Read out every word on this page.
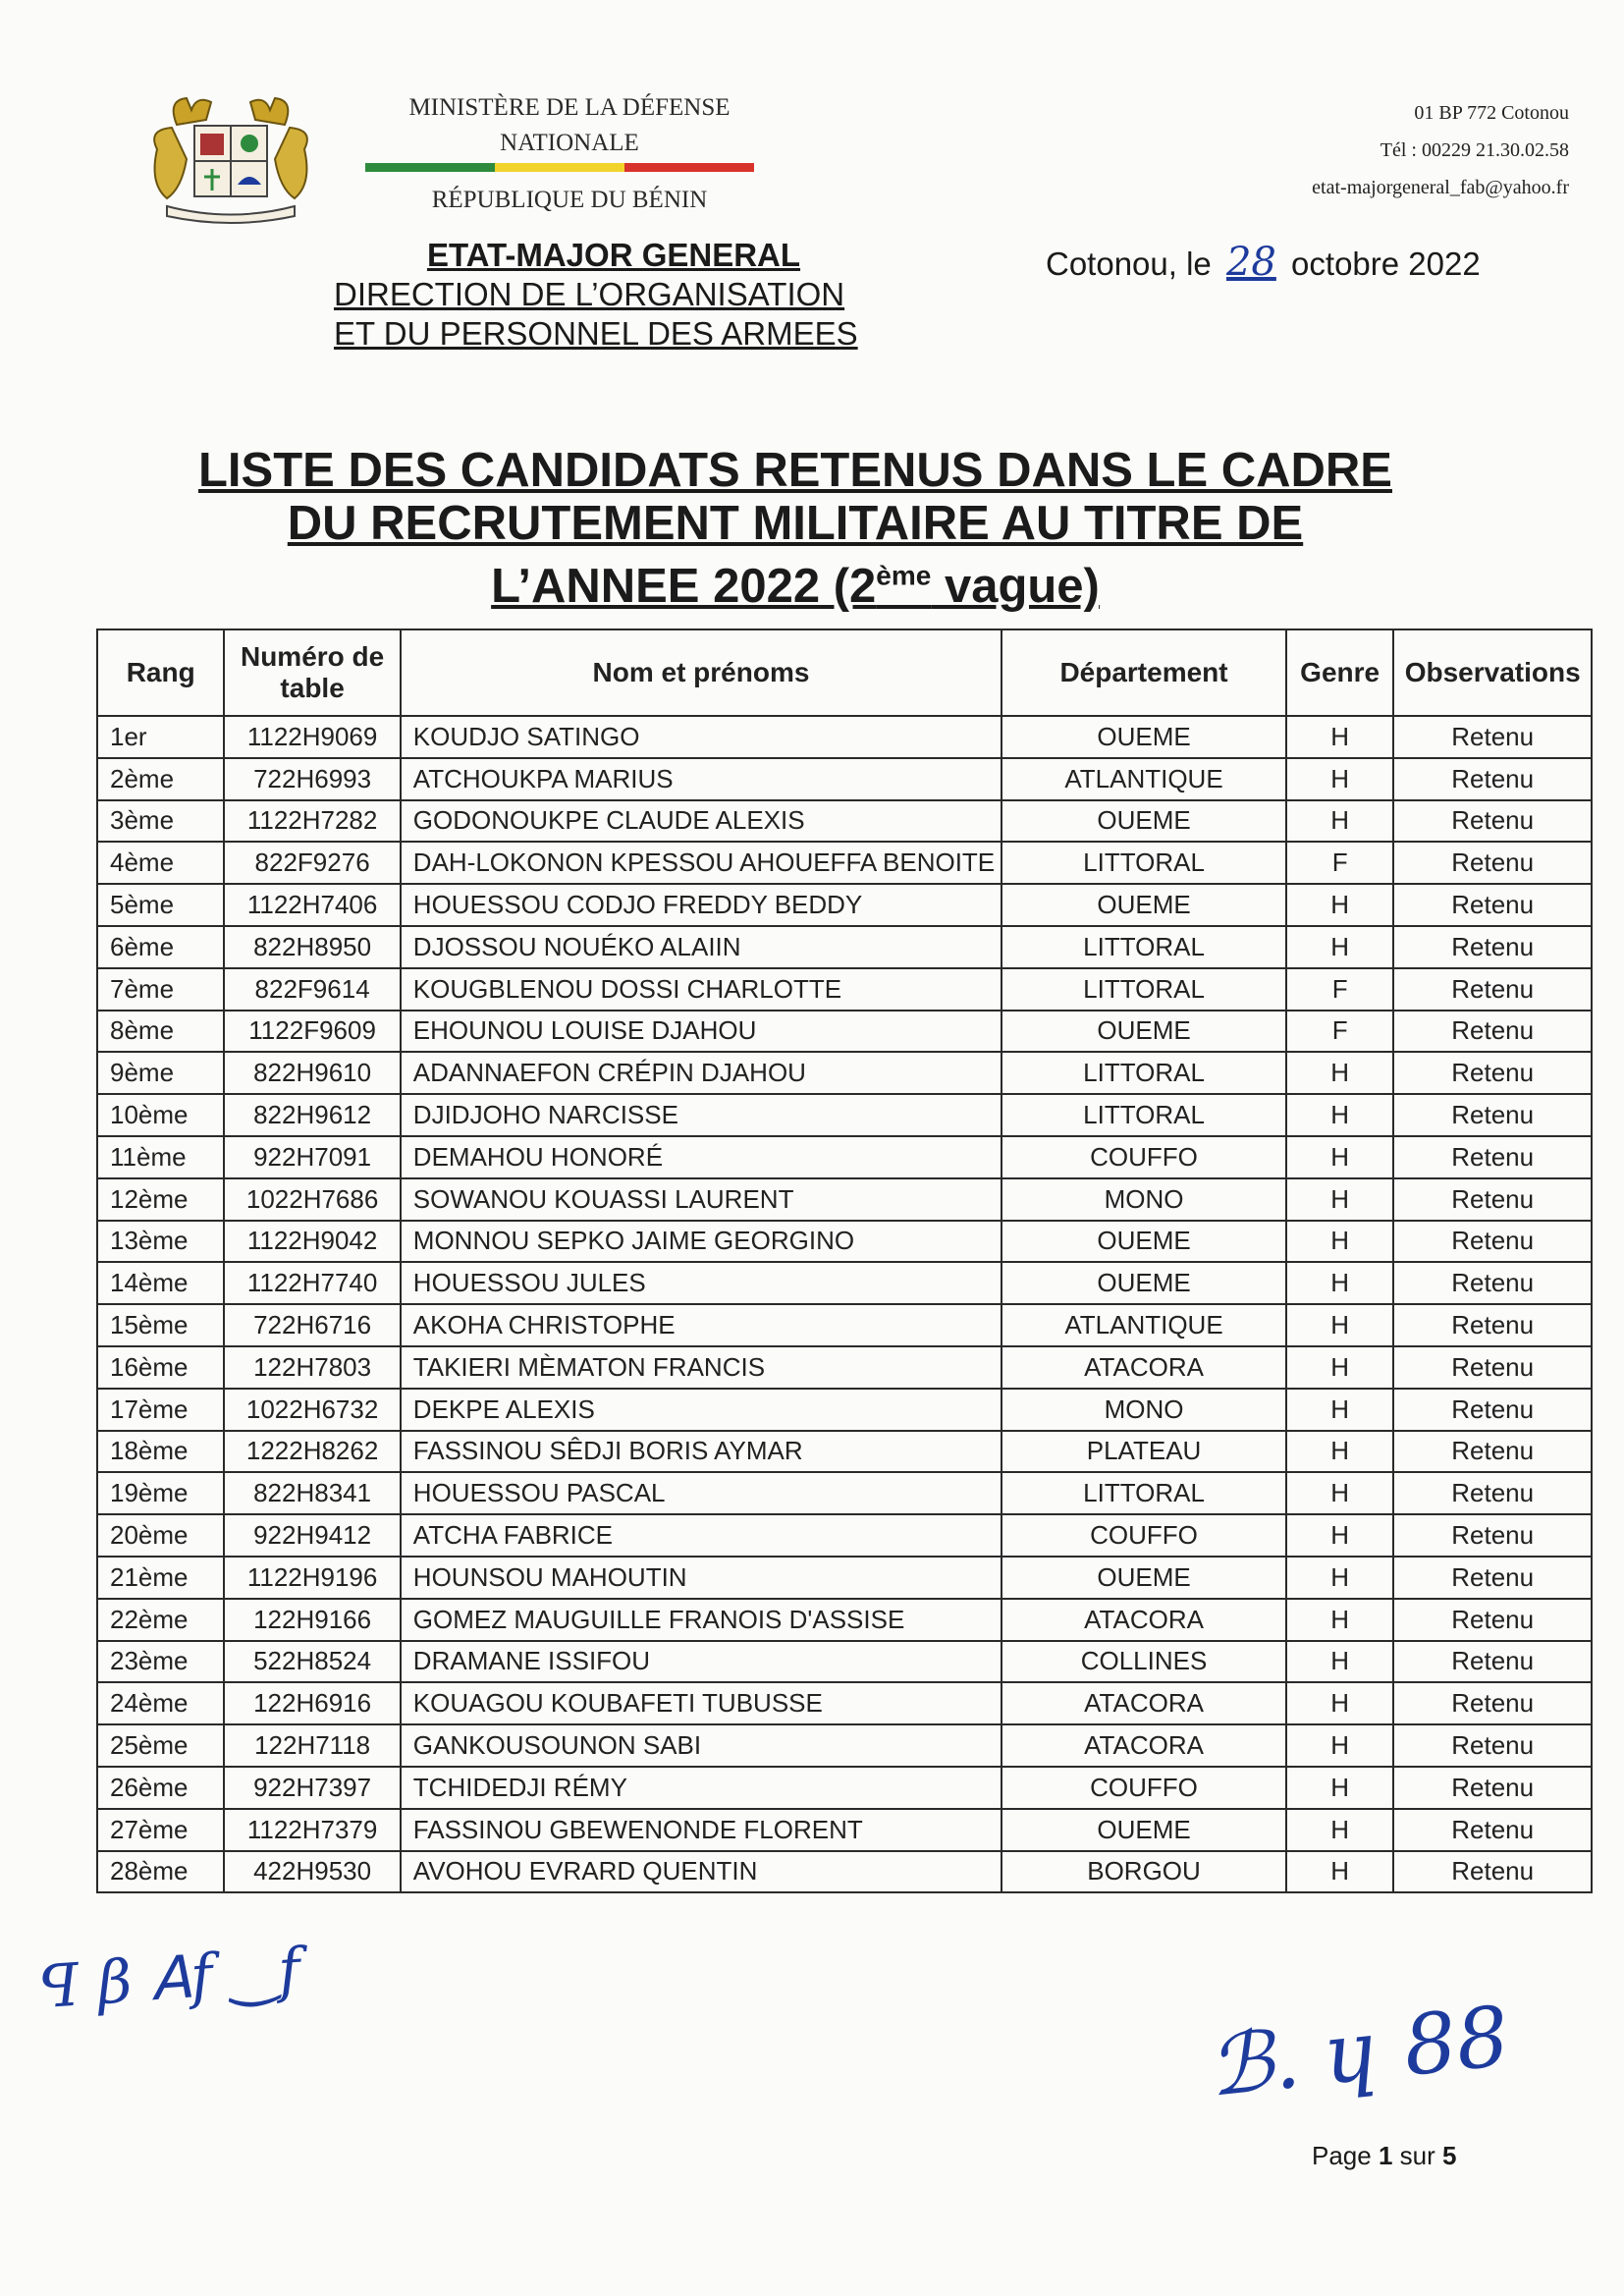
MINISTÈRE DE LA DÉFENSE
NATIONALE
RÉPUBLIQUE DU BÉNIN
01 BP 772 Cotonou
Tél : 00229 21.30.02.58
etat-majorgeneral_fab@yahoo.fr
ETAT-MAJOR GENERAL
DIRECTION DE L’ORGANISATION
ET DU PERSONNEL DES ARMEES
Cotonou, le 28 octobre 2022
LISTE DES CANDIDATS RETENUS DANS LE CADRE
DU RECRUTEMENT MILITAIRE AU TITRE DE
L’ANNEE 2022 (2ème vague)
Rang	Numéro de table	Nom et prénoms	Département	Genre	Observations
1er	1122H9069	KOUDJO SATINGO	OUEME	H	Retenu
2ème	722H6993	ATCHOUKPA MARIUS	ATLANTIQUE	H	Retenu
3ème	1122H7282	GODONOUKPE CLAUDE ALEXIS	OUEME	H	Retenu
4ème	822F9276	DAH-LOKONON KPESSOU AHOUEFFA BENOITE	LITTORAL	F	Retenu
5ème	1122H7406	HOUESSOU CODJO FREDDY BEDDY	OUEME	H	Retenu
6ème	822H8950	DJOSSOU NOUÉKO ALAIIN	LITTORAL	H	Retenu
7ème	822F9614	KOUGBLENOU DOSSI CHARLOTTE	LITTORAL	F	Retenu
8ème	1122F9609	EHOUNOU LOUISE DJAHOU	OUEME	F	Retenu
9ème	822H9610	ADANNAEFON CRÉPIN DJAHOU	LITTORAL	H	Retenu
10ème	822H9612	DJIDJOHO NARCISSE	LITTORAL	H	Retenu
11ème	922H7091	DEMAHOU HONORÉ	COUFFO	H	Retenu
12ème	1022H7686	SOWANOU KOUASSI LAURENT	MONO	H	Retenu
13ème	1122H9042	MONNOU SEPKO JAIME GEORGINO	OUEME	H	Retenu
14ème	1122H7740	HOUESSOU JULES	OUEME	H	Retenu
15ème	722H6716	AKOHA CHRISTOPHE	ATLANTIQUE	H	Retenu
16ème	122H7803	TAKIERI MÈMATON FRANCIS	ATACORA	H	Retenu
17ème	1022H6732	DEKPE ALEXIS	MONO	H	Retenu
18ème	1222H8262	FASSINOU SÊDJI BORIS AYMAR	PLATEAU	H	Retenu
19ème	822H8341	HOUESSOU PASCAL	LITTORAL	H	Retenu
20ème	922H9412	ATCHA FABRICE	COUFFO	H	Retenu
21ème	1122H9196	HOUNSOU MAHOUTIN	OUEME	H	Retenu
22ème	122H9166	GOMEZ MAUGUILLE FRANOIS D'ASSISE	ATACORA	H	Retenu
23ème	522H8524	DRAMANE ISSIFOU	COLLINES	H	Retenu
24ème	122H6916	KOUAGOU KOUBAFETI TUBUSSE	ATACORA	H	Retenu
25ème	122H7118	GANKOUSOUNON SABI	ATACORA	H	Retenu
26ème	922H7397	TCHIDEDJI RÉMY	COUFFO	H	Retenu
27ème	1122H7379	FASSINOU GBEWENONDE FLORENT	OUEME	H	Retenu
28ème	422H9530	AVOHOU EVRARD QUENTIN	BORGOU	H	Retenu
ꟼ β ꓮf ‿f
ℬ. ɥ 88
Page 1 sur 5
